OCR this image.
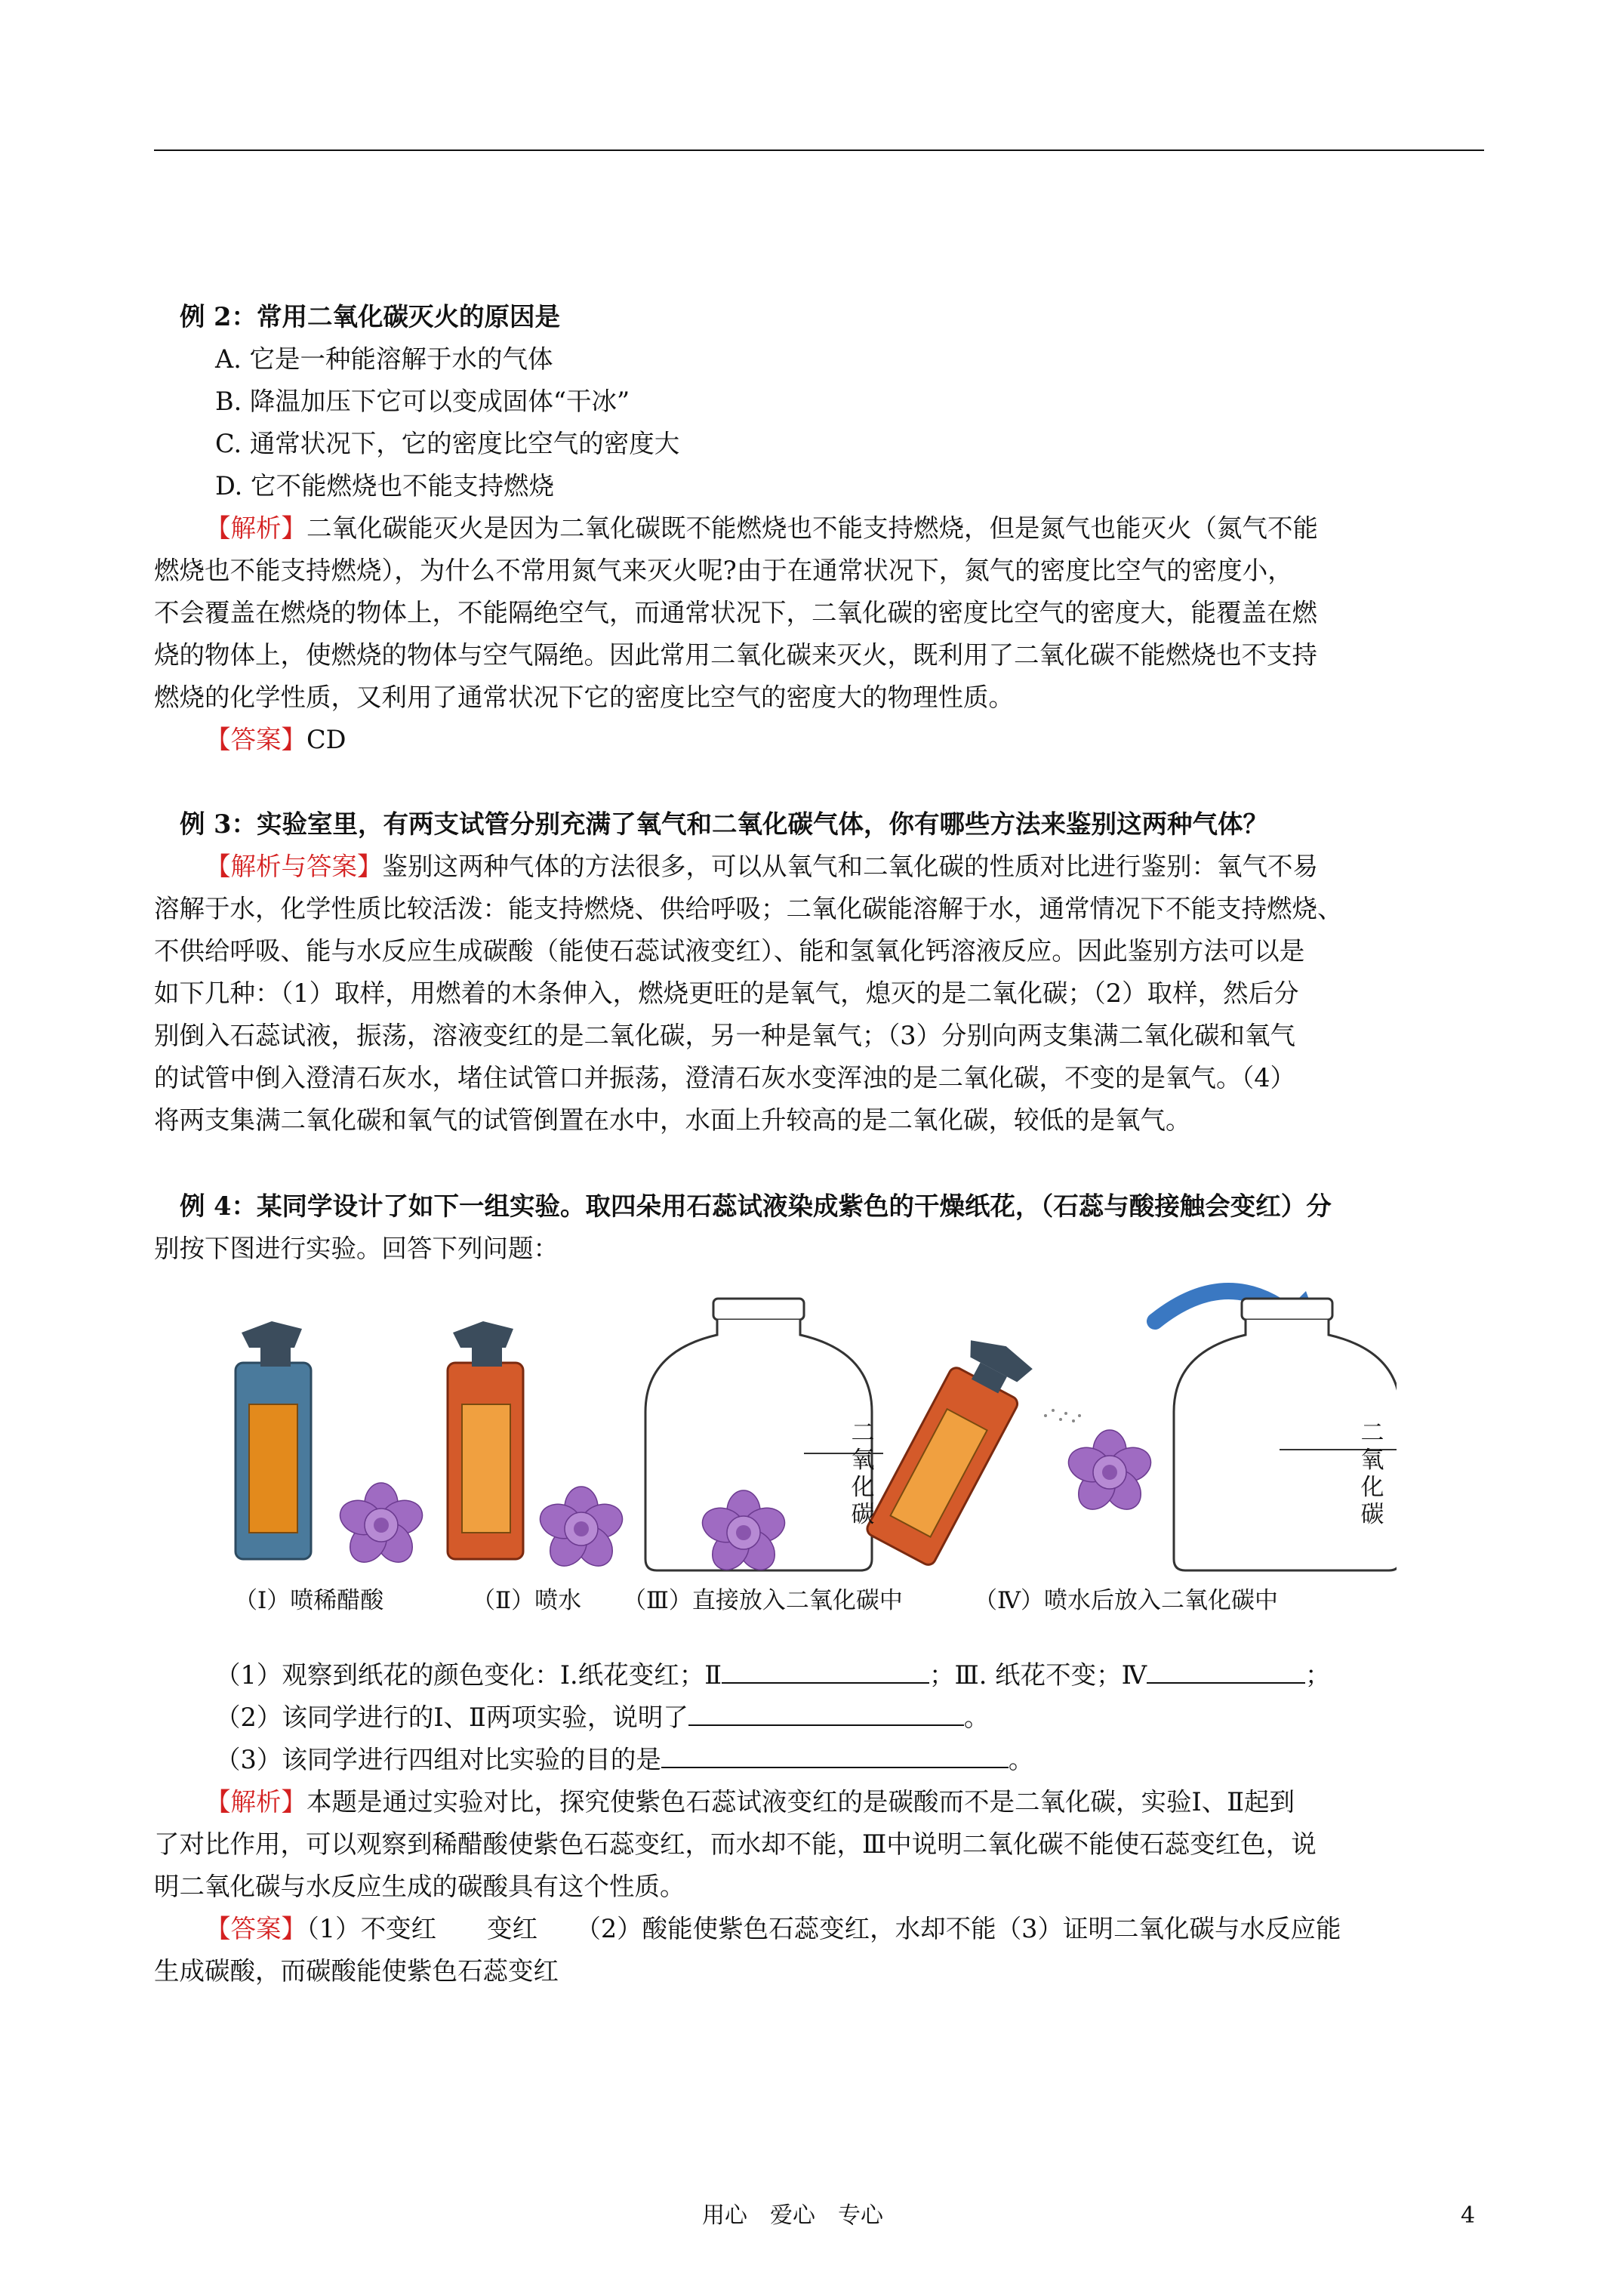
例 2：常用二氧化碳灭火的原因是
A. 它是一种能溶解于水的气体
B. 降温加压下它可以变成固体“干冰”
C. 通常状况下，它的密度比空气的密度大
D. 它不能燃烧也不能支持燃烧
【解析】二氧化碳能灭火是因为二氧化碳既不能燃烧也不能支持燃烧，但是氮气也能灭火（氮气不能
燃烧也不能支持燃烧），为什么不常用氮气来灭火呢?由于在通常状况下，氮气的密度比空气的密度小，
不会覆盖在燃烧的物体上，不能隔绝空气，而通常状况下，二氧化碳的密度比空气的密度大，能覆盖在燃
烧的物体上，使燃烧的物体与空气隔绝。因此常用二氧化碳来灭火，既利用了二氧化碳不能燃烧也不支持
燃烧的化学性质，又利用了通常状况下它的密度比空气的密度大的物理性质。
【答案】CD
例 3：实验室里，有两支试管分别充满了氧气和二氧化碳气体，你有哪些方法来鉴别这两种气体？
【解析与答案】鉴别这两种气体的方法很多，可以从氧气和二氧化碳的性质对比进行鉴别：氧气不易
溶解于水，化学性质比较活泼：能支持燃烧、供给呼吸；二氧化碳能溶解于水，通常情况下不能支持燃烧、
不供给呼吸、能与水反应生成碳酸（能使石蕊试液变红）、能和氢氧化钙溶液反应。因此鉴别方法可以是
如下几种：（1）取样，用燃着的木条伸入，燃烧更旺的是氧气，熄灭的是二氧化碳；（2）取样，然后分
别倒入石蕊试液，振荡，溶液变红的是二氧化碳，另一种是氧气；（3）分别向两支集满二氧化碳和氧气
的试管中倒入澄清石灰水，堵住试管口并振荡，澄清石灰水变浑浊的是二氧化碳，不变的是氧气。（4）
将两支集满二氧化碳和氧气的试管倒置在水中，水面上升较高的是二氧化碳，较低的是氧气。
例 4：某同学设计了如下一组实验。取四朵用石蕊试液染成紫色的干燥纸花，（石蕊与酸接触会变红）分
别按下图进行实验。回答下列问题：
二
氧
化
碳
二
氧
化
碳
（Ⅰ）喷稀醋酸	（Ⅱ）喷水 （Ⅲ）直接放入二氧化碳中	（Ⅳ）喷水后放入二氧化碳中
（1）观察到纸花的颜色变化：Ⅰ.纸花变红；Ⅱ	；Ⅲ. 纸花不变；Ⅳ	；
（2）该同学进行的Ⅰ、Ⅱ两项实验，说明了	。
（3）该同学进行四组对比实验的目的是	。
【解析】本题是通过实验对比，探究使紫色石蕊试液变红的是碳酸而不是二氧化碳，实验Ⅰ、Ⅱ起到
了对比作用，可以观察到稀醋酸使紫色石蕊变红，而水却不能，Ⅲ中说明二氧化碳不能使石蕊变红色，说
明二氧化碳与水反应生成的碳酸具有这个性质。
【答案】（1）不变红　　变红　　（2）酸能使紫色石蕊变红，水却不能（3）证明二氧化碳与水反应能
生成碳酸，而碳酸能使紫色石蕊变红
用心　爱心　专心	4
